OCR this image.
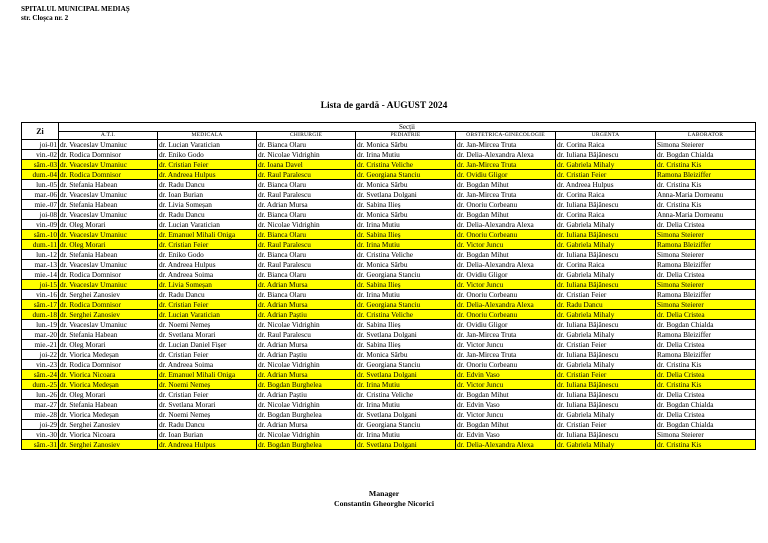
SPITALUL MUNICIPAL MEDIAȘ
str. Cloșca nr. 2
Lista de gardă - AUGUST 2024
Zi	Secții						
	A.T.I.	MEDICALA	CHIRURGIE	PEDIATRIE	OBSTETRICA-GINECOLOGIE	URGENTA	LABORATOR
joi-01	dr. Veaceslav Umaniuc	dr. Lucian Varatician	dr. Bianca Olaru	dr. Monica Sârbu	dr. Jan-Mircea Truta	dr. Corina Raica	Simona Steierer
vin.-02	dr. Rodica Domnisor	dr. Eniko Godo	dr. Nicolae Vidrighin	dr. Irina Mutiu	dr. Delia-Alexandra Alexa	dr. Iuliana Bâjănescu	dr. Bogdan Chialda
sâm.-03	dr. Veaceslav Umaniuc	dr. Cristian Feier	dr. Ioana Davel	dr. Cristina Veliche	dr. Jan-Mircea Truta	dr. Gabriela Mihaly	dr. Cristina Kis
dum.-04	dr. Rodica Domnisor	dr. Andreea Hulpus	dr. Raul Paralescu	dr. Georgiana Stanciu	dr. Ovidiu Gligor	dr. Cristian Feier	Ramona Bleiziffer
lun.-05	dr. Stefania Habean	dr. Radu Dancu	dr. Bianca Olaru	dr. Monica Sârbu	dr. Bogdan Mihut	dr. Andreea Hulpus	dr. Cristina Kis
mar.-06	dr. Veaceslav Umaniuc	dr. Ioan Burian	dr. Raul Paralescu	dr. Svetlana Dolgani	dr. Jan-Mircea Truta	dr. Corina Raica	Anna-Maria Dorneanu
mie.-07	dr. Stefania Habean	dr. Livia Someșan	dr. Adrian Mursa	dr. Sabina Ilieș	dr. Onoriu Corbeanu	dr. Iuliana Bâjănescu	dr. Cristina Kis
joi-08	dr. Veaceslav Umaniuc	dr. Radu Dancu	dr. Bianca Olaru	dr. Monica Sârbu	dr. Bogdan Mihut	dr. Corina Raica	Anna-Maria Dorneanu
vin.-09	dr. Oleg Morari	dr. Lucian Varatician	dr. Nicolae Vidrighin	dr. Irina Mutiu	dr. Delia-Alexandra Alexa	dr. Gabriela Mihaly	dr. Delia Cristea
sâm.-10	dr. Veaceslav Umaniuc	dr. Emanuel Mihali Oniga	dr. Bianca Olaru	dr. Sabina Ilieș	dr. Onoriu Corbeanu	dr. Iuliana Bâjănescu	Simona Steierer
dum.-11	dr. Oleg Morari	dr. Cristian Feier	dr. Raul Paralescu	dr. Irina Mutiu	dr. Victor Juncu	dr. Gabriela Mihaly	Ramona Bleiziffer
lun.-12	dr. Stefania Habean	dr. Eniko Godo	dr. Bianca Olaru	dr. Cristina Veliche	dr. Bogdan Mihut	dr. Iuliana Bâjănescu	Simona Steierer
mar.-13	dr. Veaceslav Umaniuc	dr. Andreea Hulpus	dr. Raul Paralescu	dr. Monica Sârbu	dr. Delia-Alexandra Alexa	dr. Corina Raica	Ramona Bleiziffer
mie.-14	dr. Rodica Domnisor	dr. Andreea Soima	dr. Bianca Olaru	dr. Georgiana Stanciu	dr. Ovidiu Gligor	dr. Gabriela Mihaly	dr. Delia Cristea
joi-15	dr. Veaceslav Umaniuc	dr. Livia Someșan	dr. Adrian Mursa	dr. Sabina Ilieș	dr. Victor Juncu	dr. Iuliana Bâjănescu	Simona Steierer
vin.-16	dr. Serghei Zanosiev	dr. Radu Dancu	dr. Bianca Olaru	dr. Irina Mutiu	dr. Onoriu Corbeanu	dr. Cristian Feier	Ramona Bleiziffer
sâm.-17	dr. Rodica Domnisor	dr. Cristian Feier	dr. Adrian Mursa	dr. Georgiana Stanciu	dr. Delia-Alexandra Alexa	dr. Radu Dancu	Simona Steierer
dum.-18	dr. Serghei Zanosiev	dr. Lucian Varatician	dr. Adrian Paștiu	dr. Cristina Veliche	dr. Onoriu Corbeanu	dr. Gabriela Mihaly	dr. Delia Cristea
lun.-19	dr. Veaceslav Umaniuc	dr. Noemi Nemeș	dr. Nicolae Vidrighin	dr. Sabina Ilieș	dr. Ovidiu Gligor	dr. Iuliana Bâjănescu	dr. Bogdan Chialda
mar.-20	dr. Stefania Habean	dr. Svetlana Morari	dr. Raul Paralescu	dr. Svetlana Dolgani	dr. Jan-Mircea Truta	dr. Gabriela Mihaly	Ramona Bleiziffer
mie.-21	dr. Oleg Morari	dr. Lucian Daniel Fișer	dr. Adrian Mursa	dr. Sabina Ilieș	dr. Victor Juncu	dr. Cristian Feier	dr. Delia Cristea
joi-22	dr. Viorica Medeșan	dr. Cristian Feier	dr. Adrian Paștiu	dr. Monica Sârbu	dr. Jan-Mircea Truta	dr. Iuliana Bâjănescu	Ramona Bleiziffer
vin.-23	dr. Rodica Domnisor	dr. Andreea Soima	dr. Nicolae Vidrighin	dr. Georgiana Stanciu	dr. Onoriu Corbeanu	dr. Gabriela Mihaly	dr. Cristina Kis
sâm.-24	dr. Viorica Nicoara	dr. Emanuel Mihali Oniga	dr. Adrian Mursa	dr. Svetlana Dolgani	dr. Edvin Vaso	dr. Cristian Feier	dr. Delia Cristea
dum.-25	dr. Viorica Medeșan	dr. Noemi Nemeș	dr. Bogdan Burghelea	dr. Irina Mutiu	dr. Victor Juncu	dr. Iuliana Bâjănescu	dr. Cristina Kis
lun.-26	dr. Oleg Morari	dr. Cristian Feier	dr. Adrian Paștiu	dr. Cristina Veliche	dr. Bogdan Mihut	dr. Iuliana Bâjănescu	dr. Delia Cristea
mar.-27	dr. Stefania Habean	dr. Svetlana Morari	dr. Nicolae Vidrighin	dr. Irina Mutiu	dr. Edvin Vaso	dr. Iuliana Bâjănescu	dr. Bogdan Chialda
mie.-28	dr. Viorica Medeșan	dr. Noemi Nemeș	dr. Bogdan Burghelea	dr. Svetlana Dolgani	dr. Victor Juncu	dr. Gabriela Mihaly	dr. Delia Cristea
joi-29	dr. Serghei Zanosiev	dr. Radu Dancu	dr. Adrian Mursa	dr. Georgiana Stanciu	dr. Bogdan Mihut	dr. Cristian Feier	dr. Bogdan Chialda
vin.-30	dr. Viorica Nicoara	dr. Ioan Burian	dr. Nicolae Vidrighin	dr. Irina Mutiu	dr. Edvin Vaso	dr. Iuliana Bâjănescu	Simona Steierer
sâm.-31	dr. Serghei Zanosiev	dr. Andreea Hulpus	dr. Bogdan Burghelea	dr. Svetlana Dolgani	dr. Delia-Alexandra Alexa	dr. Gabriela Mihaly	dr. Cristina Kis
Manager
Constantin Gheorghe Nicorici
